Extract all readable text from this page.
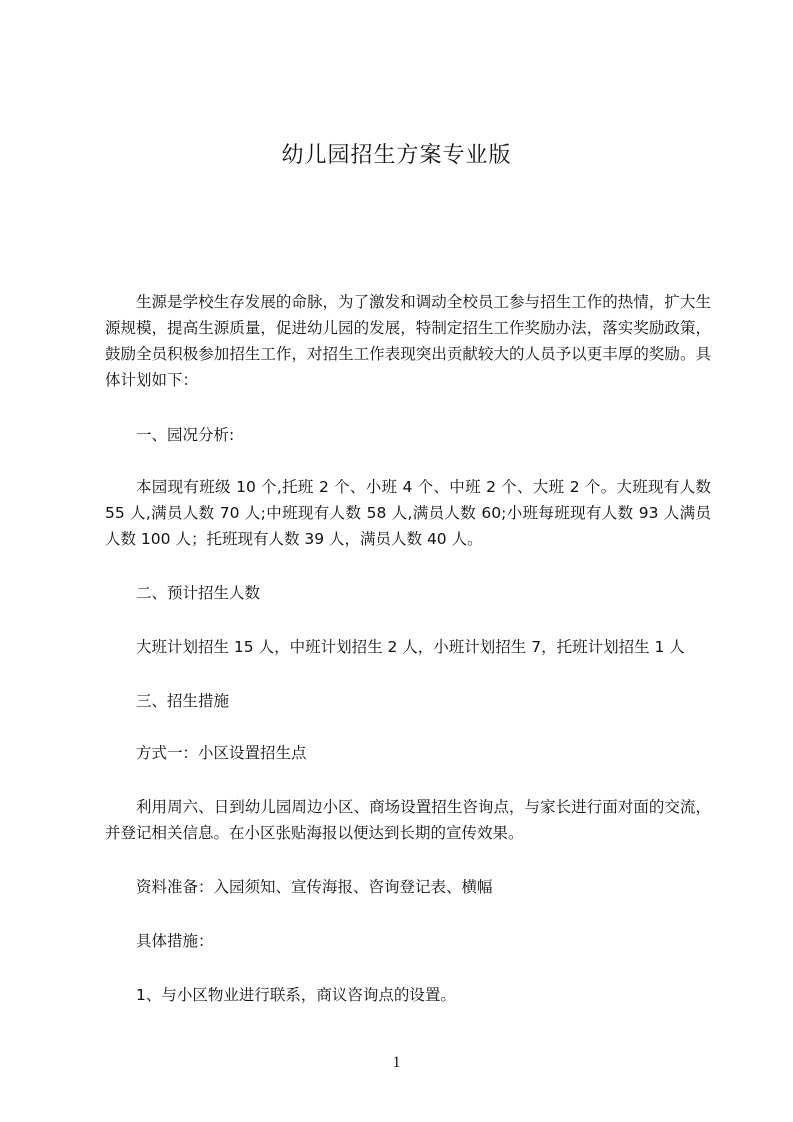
幼儿园招生方案专业版

生源是学校生存发展的命脉，为了激发和调动全校员工参与招生工作的热情，扩大生源规模，提高生源质量，促进幼儿园的发展，特制定招生工作奖励办法，落实奖励政策，鼓励全员积极参加招生工作，对招生工作表现突出贡献较大的人员予以更丰厚的奖励。具体计划如下：

一、园况分析:

本园现有班级 10 个,托班 2 个、小班 4 个、中班 2 个、大班 2 个。大班现有人数 55 人,满员人数 70 人;中班现有人数 58 人,满员人数 60;小班每班现有人数 93 人满员人数 100 人；托班现有人数 39 人，满员人数 40 人。

二、预计招生人数

大班计划招生 15 人，中班计划招生 2 人，小班计划招生 7，托班计划招生 1 人

三、招生措施

方式一：小区设置招生点

利用周六、日到幼儿园周边小区、商场设置招生咨询点，与家长进行面对面的交流，并登记相关信息。在小区张贴海报以便达到长期的宣传效果。

资料准备：入园须知、宣传海报、咨询登记表、横幅

具体措施：

1、与小区物业进行联系，商议咨询点的设置。

1
